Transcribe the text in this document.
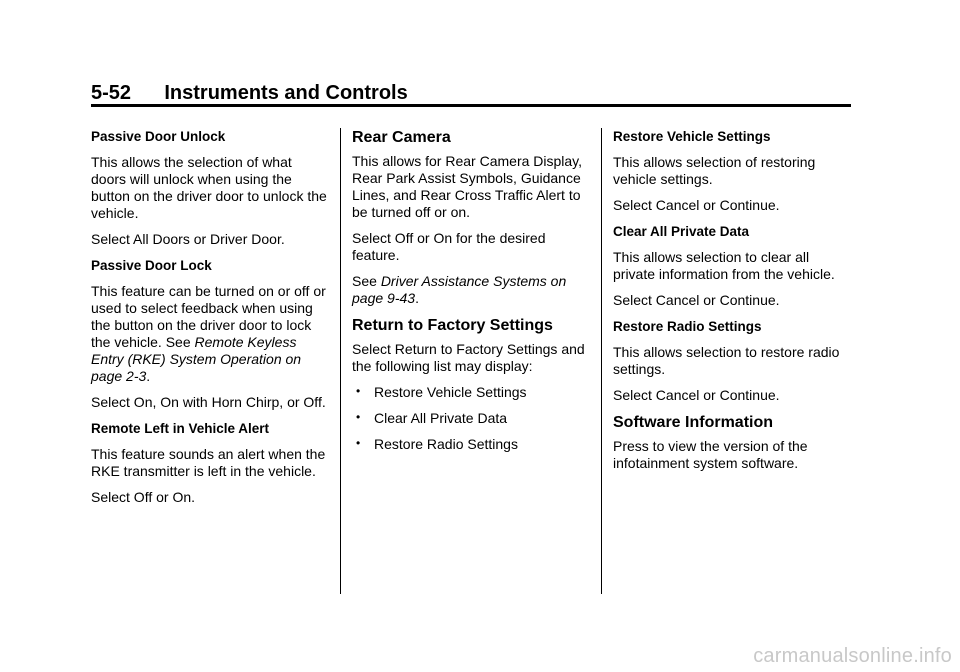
5-52      Instruments and Controls
Passive Door Unlock

This allows the selection of what doors will unlock when using the button on the driver door to unlock the vehicle.

Select All Doors or Driver Door.

Passive Door Lock

This feature can be turned on or off or used to select feedback when using the button on the driver door to lock the vehicle. See Remote Keyless Entry (RKE) System Operation on page 2-3.

Select On, On with Horn Chirp, or Off.

Remote Left in Vehicle Alert

This feature sounds an alert when the RKE transmitter is left in the vehicle.

Select Off or On.

Rear Camera

This allows for Rear Camera Display, Rear Park Assist Symbols, Guidance Lines, and Rear Cross Traffic Alert to be turned off or on.

Select Off or On for the desired feature.

See Driver Assistance Systems on page 9-43.

Return to Factory Settings

Select Return to Factory Settings and the following list may display:

• Restore Vehicle Settings
• Clear All Private Data
• Restore Radio Settings
Restore Vehicle Settings

This allows selection of restoring vehicle settings.

Select Cancel or Continue.

Clear All Private Data

This allows selection to clear all private information from the vehicle.

Select Cancel or Continue.

Restore Radio Settings

This allows selection to restore radio settings.

Select Cancel or Continue.

Software Information

Press to view the version of the infotainment system software.

carmanualsonline.info
